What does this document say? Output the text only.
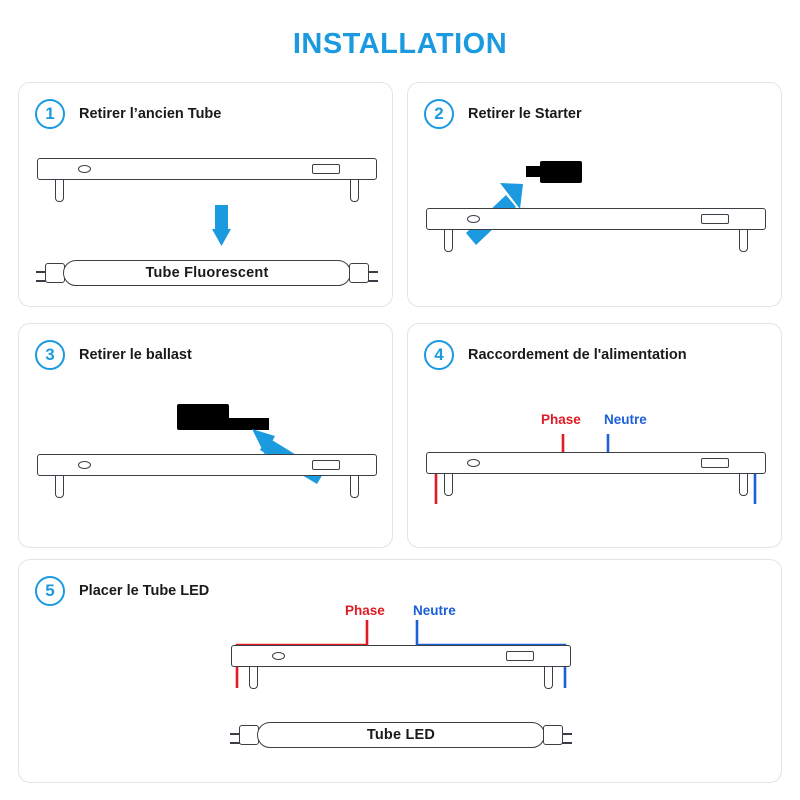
INSTALLATION
1	Retirer l’ancien Tube
Tube Fluorescent
2	Retirer le Starter
3	Retirer le ballast	4	Raccordement de l'alimentation
Phase Neutre
5	Placer le Tube LED
Phase Neutre
Tube LED
